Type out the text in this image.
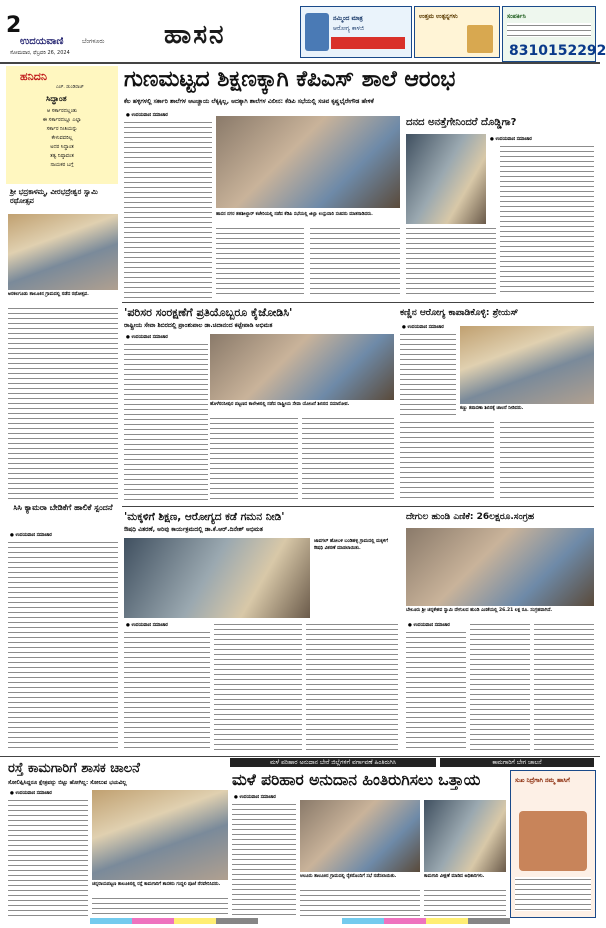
2
ಉದಯವಾಣಿ	ಬೆಂಗಳೂರು
ಸೋಮವಾರ, ಫೆಬ್ರವರಿ 26, 2024
ಹಾಸನ
ನಮ್ಮಿಂದ ಮಾತ್ರ
ಆರೋಗ್ಯ ಕಾಳಜಿ
ಉತ್ತಮ ಉತ್ಪನ್ನಗಳು	ಸಂಪರ್ಕಿಸಿ
8310152292
ಹನಿದನಿ
ಎಚ್. ಡುಂಡಿರಾಜ್
ಸಿದ್ಧಾಂತ
ಆ ಸರ್ಕಾರದಲ್ಲಂತು
ಈ ಸರ್ಕಾರದಲ್ಲೂ ಎಲ್ಲಾ
ಸರ್ಕಾರ ನೀತಿಯನ್ನು
ಕೇಳುವವರಿಲ್ಲ
ಅದರ ಸಿದ್ಧಾಂತ
ತತ್ವ ನಿಷ್ಠಾವಂತ
ನಾಯಕರ ಬಗ್ಗೆ
ಶ್ರೀ ಭದ್ರಕಾಳಮ್ಮ, ವೀರಭದ್ರೇಶ್ವರ ಸ್ವಾಮಿ ರಥೋತ್ಸವ
ಅರಕಲಗೂಡು ತಾಲೂಕಿನ ಗ್ರಾಮದಲ್ಲಿ ನಡೆದ ರಥೋತ್ಸವ.
ಸಿಸಿ ಕ್ಯಾಮರಾ ಬೇಡಿಕೆಗೆ ಹಾಲಿಕೆ ಸ್ಪಂದನೆ
● ಉದಯವಾಣಿ ಸಮಾಚಾರ
ಗುಣಮಟ್ಟದ ಶಿಕ್ಷಣಕ್ಕಾಗಿ ಕೆಪಿಎಸ್ ಶಾಲೆ ಆರಂಭ
ಕೆಲ ಹಳ್ಳಿಗಳಲ್ಲಿ ಸರ್ಕಾರಿ ಶಾಲೆಗಳ ಆಟಚ್ಚಾಯ ಲೆಕ್ಕಕ್ಕಿಲ್ಲ, ಅದಕ್ಕಾಗಿ ಶಾಲೆಗಳ ವಿಲೀನ: ಕೆಡಿಪಿ ಸಭೆಯಲ್ಲಿ ಸಚಿವ ಕೃಷ್ಣಭೈರೇಗೌಡ ಹೇಳಿಕೆ
● ಉದಯವಾಣಿ ಸಮಾಚಾರ
ಹಾಸನ ನಗರ ತಹಶೀಲ್ದಾರ್ ಕಚೇರಿಯಲ್ಲಿ ನಡೆದ ಕೆಡಿಪಿ ಸಭೆಯಲ್ಲಿ ಜಿಲ್ಲಾ ಉಸ್ತುವಾರಿ ಸಚಿವರು ಮಾತನಾಡಿದರು.
ದನದ ಅನತ್ತೆಗೇನಿಂದರೆ ದೊಡ್ಡಿಗಾ?
● ಉದಯವಾಣಿ ಸಮಾಚಾರ
'ಪರಿಸರ ಸಂರಕ್ಷಣೆಗೆ ಪ್ರತಿಯೊಬ್ಬರೂ ಕೈಜೋಡಿಸಿ'
ರಾಷ್ಟ್ರೀಯ ಸೇವಾ ಶಿಬಿರದಲ್ಲಿ ಪ್ರಾಂಶುಪಾಲ ಡಾ.ಚಿದಾನಂದ ಕಟ್ಟೇಪಾಡಿ ಅಭಿಮತ
● ಉದಯವಾಣಿ ಸಮಾಚಾರ
ಹೊಳೆನರಸೀಪುರ ಪಟ್ಟಣದ ಕಾಲೇಜಿನಲ್ಲಿ ನಡೆದ ರಾಷ್ಟ್ರೀಯ ಸೇವಾ ಯೋಜನೆ ಶಿಬಿರದ ಸಮಾರೋಪ.
ಕಣ್ಣಿನ ಆರೋಗ್ಯ ಕಾಪಾಡಿಕೊಳ್ಳಿ: ಶ್ರೇಯಸ್
● ಉದಯವಾಣಿ ಸಮಾಚಾರ
ಕಣ್ಣು ತಪಾಸಣಾ ಶಿಬಿರಕ್ಕೆ ಚಾಲನೆ ನೀಡಿದರು.
'ಮಕ್ಕಳಿಗೆ ಶಿಕ್ಷಣ, ಆರೋಗ್ಯದ ಕಡೆ ಗಮನ ನೀಡಿ'
ಔಷಧಿ ವಿತರಣೆ, ಅರಿವು ಕಾರ್ಯಕ್ರಮದಲ್ಲಿ ಡಾ.ಕೆ.ಆರ್.ದಿನೇಶ್ ಅಭಿಮತ
ಜಾವಗಲ್ ಹೋಬಳಿ ಬಂಡಿಹಳ್ಳಿ ಗ್ರಾಮದಲ್ಲಿ ಮಕ್ಕಳಿಗೆ ಔಷಧಿ ವಿತರಣೆ ಮಾಡಲಾಯಿತು.
● ಉದಯವಾಣಿ ಸಮಾಚಾರ
ದೇಗುಲ ಹುಂಡಿ ಎಣಿಕೆ: 26ಲಕ್ಷರೂ.ಸಂಗ್ರಹ
ಬೇಲೂರು ಶ್ರೀ ಚನ್ನಕೇಶವ ಸ್ವಾಮಿ ದೇಗುಲದ ಹುಂಡಿ ಎಣಿಕೆಯಲ್ಲಿ 26.21 ಲಕ್ಷ ರೂ. ಸಂಗ್ರಹವಾಗಿದೆ.
● ಉದಯವಾಣಿ ಸಮಾಚಾರ
ಮಳೆ ಪರಿಹಾರ ಅನುದಾನ ಬೇರೆ ಜಿಲ್ಲೆಗಳಿಗೆ ವರ್ಗಾವಣೆ ಹಿಂತಿರುಗಿಸಿ	ಕಾಮಗಾರಿಗೆ ಬೇಗ ಚಾಲನೆ
ರಸ್ತೆ ಕಾಮಗಾರಿಗೆ ಶಾಸಕ ಚಾಲನೆ
ಸೋಲಿಪ್ಪಿಸಿದ್ದರೂ ಕ್ಷೇತ್ರವನ್ನು ಬಿಟ್ಟು ಹೋಗಿಲ್ಲ: ಸೋಲುವ ಭಯವಿಲ್ಲ
● ಉದಯವಾಣಿ ಸಮಾಚಾರ
ಚನ್ನರಾಯಪಟ್ಟಣ ತಾಲೂಕಿನಲ್ಲಿ ರಸ್ತೆ ಕಾಮಗಾರಿಗೆ ಶಾಸಕರು ಗುದ್ದಲಿ ಪೂಜೆ ನೆರವೇರಿಸಿದರು.
ಮಳೆ ಪರಿಹಾರ ಅನುದಾನ ಹಿಂತಿರುಗಿಸಲು ಒತ್ತಾಯ
● ಉದಯವಾಣಿ ಸಮಾಚಾರ
ಆಲೂರು ತಾಲೂಕಿನ ಗ್ರಾಮದಲ್ಲಿ ರೈತರೊಂದಿಗೆ ಸಭೆ ನಡೆಸಲಾಯಿತು.	ಕಾಮಗಾರಿ ವೀಕ್ಷಣೆ ಮಾಡಿದ ಅಧಿಕಾರಿಗಳು.
ಸುಖ ನಿದ್ರೆಗಾಗಿ ನಮ್ಮ ಹಾಸಿಗೆ
